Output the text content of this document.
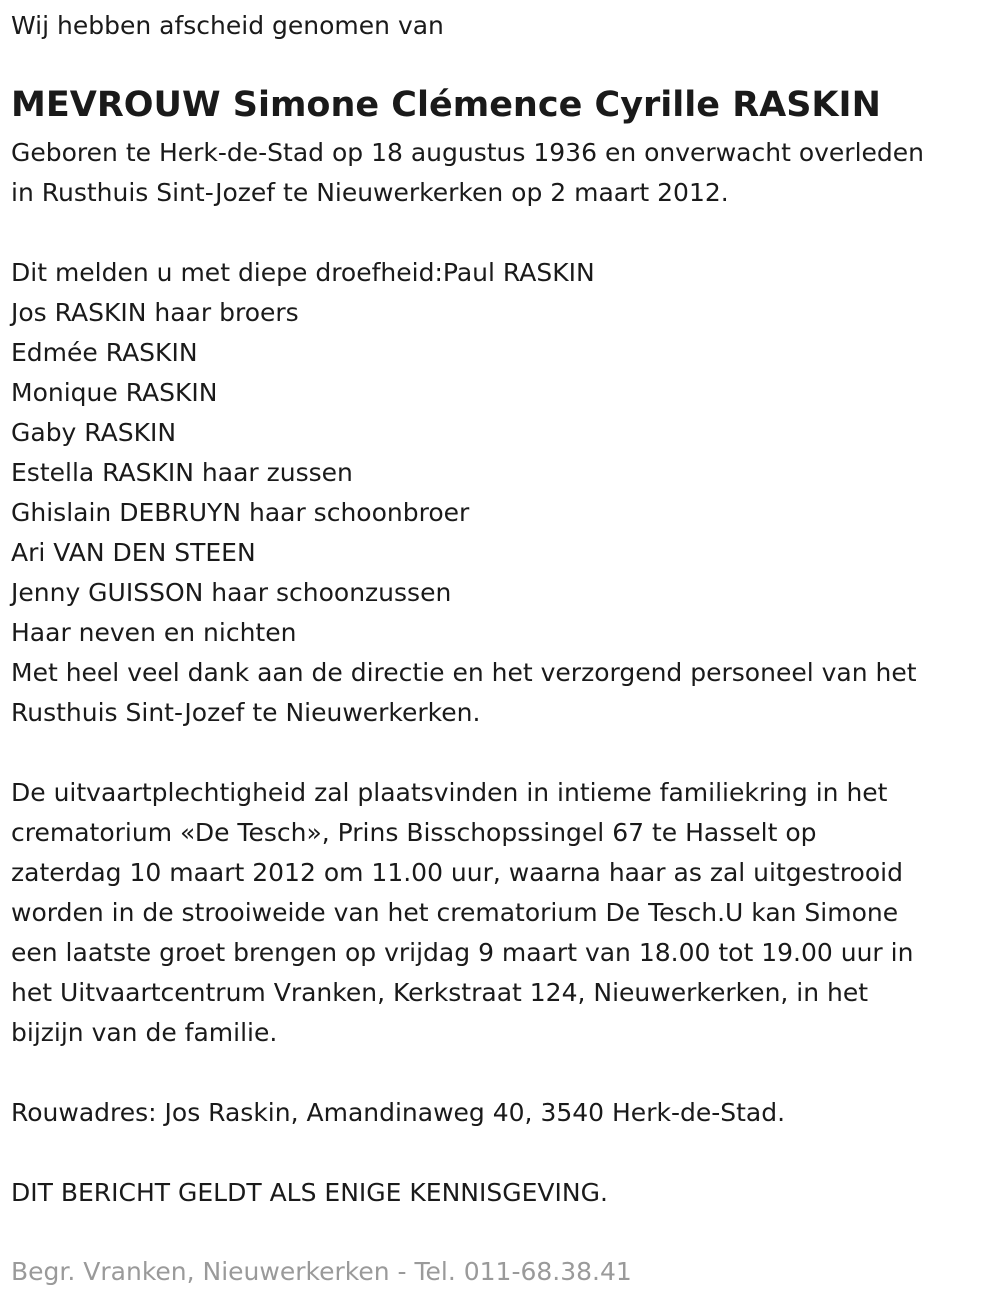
Wij hebben afscheid genomen van
MEVROUW Simone Clémence Cyrille RASKIN
Geboren te Herk-de-Stad op 18 augustus 1936 en onverwacht overleden
in Rusthuis Sint-Jozef te Nieuwerkerken op 2 maart 2012.
Dit melden u met diepe droefheid:Paul RASKIN
Jos RASKIN haar broers
Edmée RASKIN
Monique RASKIN
Gaby RASKIN
Estella RASKIN haar zussen
Ghislain DEBRUYN haar schoonbroer
Ari VAN DEN STEEN
Jenny GUISSON haar schoonzussen
Haar neven en nichten
Met heel veel dank aan de directie en het verzorgend personeel van het
Rusthuis Sint-Jozef te Nieuwerkerken.
De uitvaartplechtigheid zal plaatsvinden in intieme familiekring in het
crematorium «De Tesch», Prins Bisschopssingel 67 te Hasselt op
zaterdag 10 maart 2012 om 11.00 uur, waarna haar as zal uitgestrooid
worden in de strooiweide van het crematorium De Tesch.U kan Simone
een laatste groet brengen op vrijdag 9 maart van 18.00 tot 19.00 uur in
het Uitvaartcentrum Vranken, Kerkstraat 124, Nieuwerkerken, in het
bijzijn van de familie.
Rouwadres: Jos Raskin, Amandinaweg 40, 3540 Herk-de-Stad.
DIT BERICHT GELDT ALS ENIGE KENNISGEVING.
Begr. Vranken, Nieuwerkerken - Tel. 011-68.38.41
